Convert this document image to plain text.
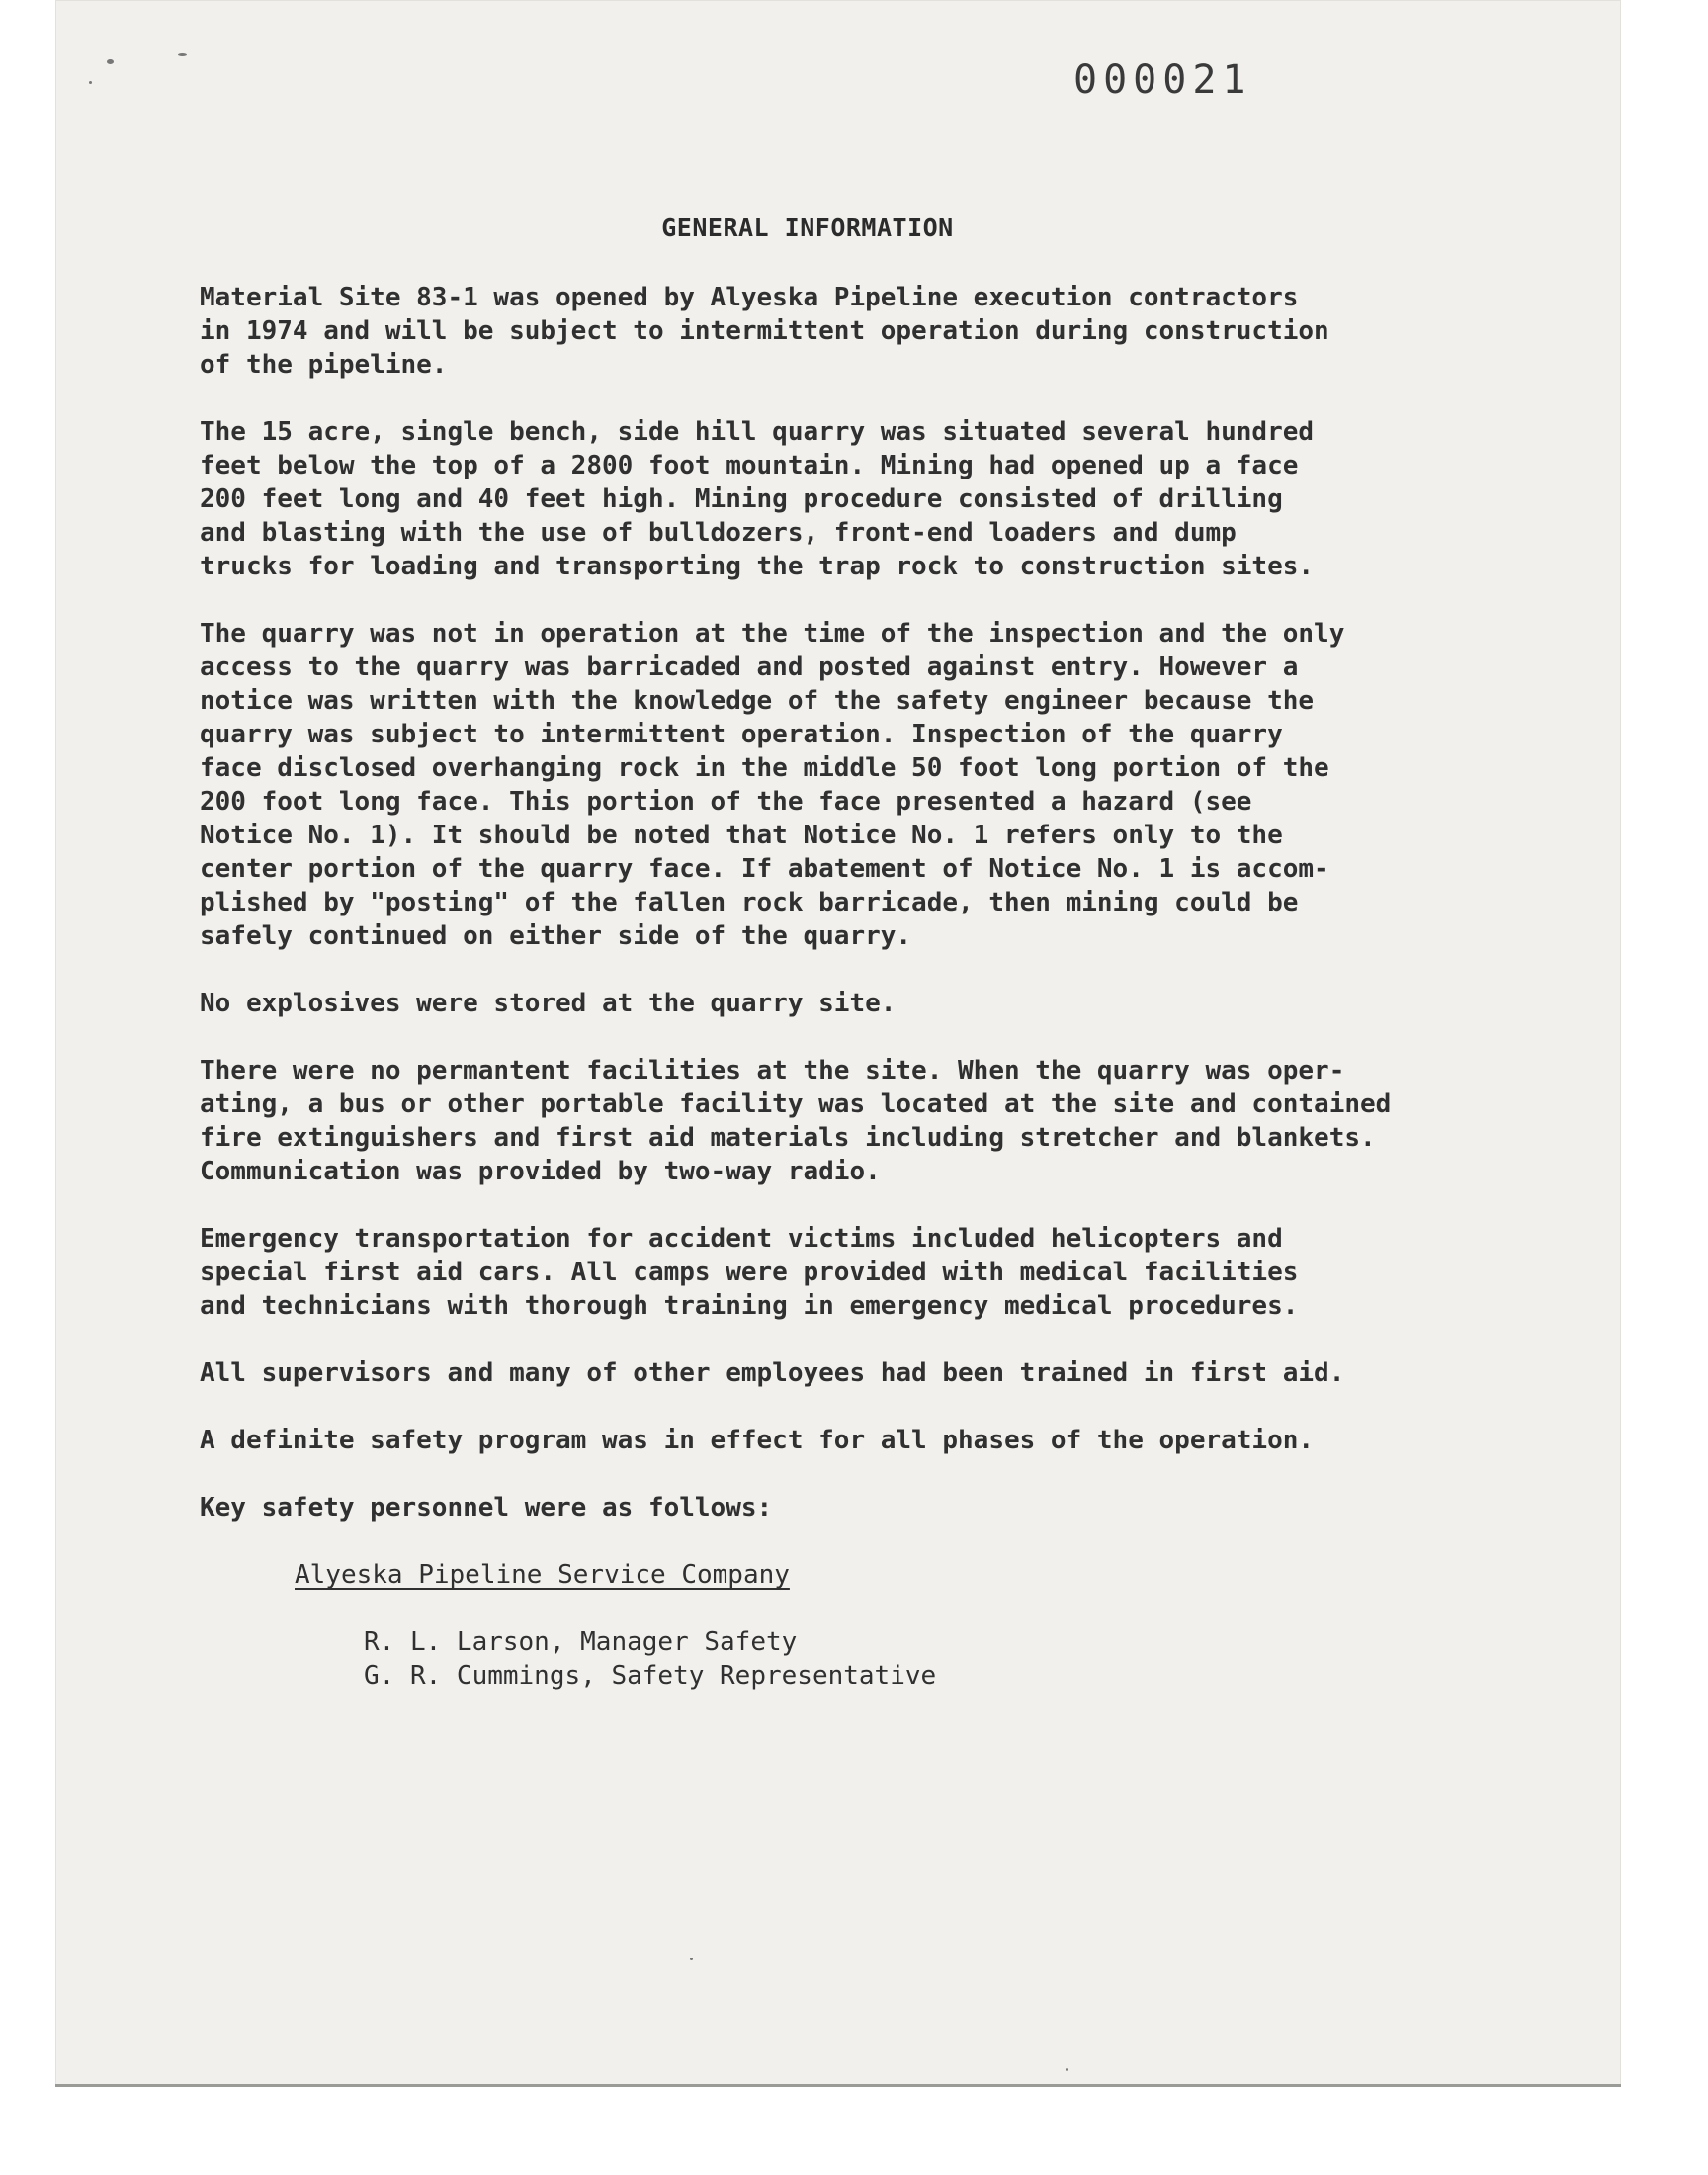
000021
GENERAL INFORMATION

Material Site 83-1 was opened by Alyeska Pipeline execution contractors
in 1974 and will be subject to intermittent operation during construction
of the pipeline.

The 15 acre, single bench, side hill quarry was situated several hundred
feet below the top of a 2800 foot mountain. Mining had opened up a face
200 feet long and 40 feet high. Mining procedure consisted of drilling
and blasting with the use of bulldozers, front-end loaders and dump
trucks for loading and transporting the trap rock to construction sites.

The quarry was not in operation at the time of the inspection and the only
access to the quarry was barricaded and posted against entry. However a
notice was written with the knowledge of the safety engineer because the
quarry was subject to intermittent operation. Inspection of the quarry
face disclosed overhanging rock in the middle 50 foot long portion of the
200 foot long face. This portion of the face presented a hazard (see
Notice No. 1). It should be noted that Notice No. 1 refers only to the
center portion of the quarry face. If abatement of Notice No. 1 is accom-
plished by "posting" of the fallen rock barricade, then mining could be
safely continued on either side of the quarry.

No explosives were stored at the quarry site.

There were no permantent facilities at the site. When the quarry was oper-
ating, a bus or other portable facility was located at the site and contained
fire extinguishers and first aid materials including stretcher and blankets.
Communication was provided by two-way radio.

Emergency transportation for accident victims included helicopters and
special first aid cars. All camps were provided with medical facilities
and technicians with thorough training in emergency medical procedures.

All supervisors and many of other employees had been trained in first aid.

A definite safety program was in effect for all phases of the operation.

Key safety personnel were as follows:

Alyeska Pipeline Service Company

R. L. Larson, Manager Safety

G. R. Cummings, Safety Representative
